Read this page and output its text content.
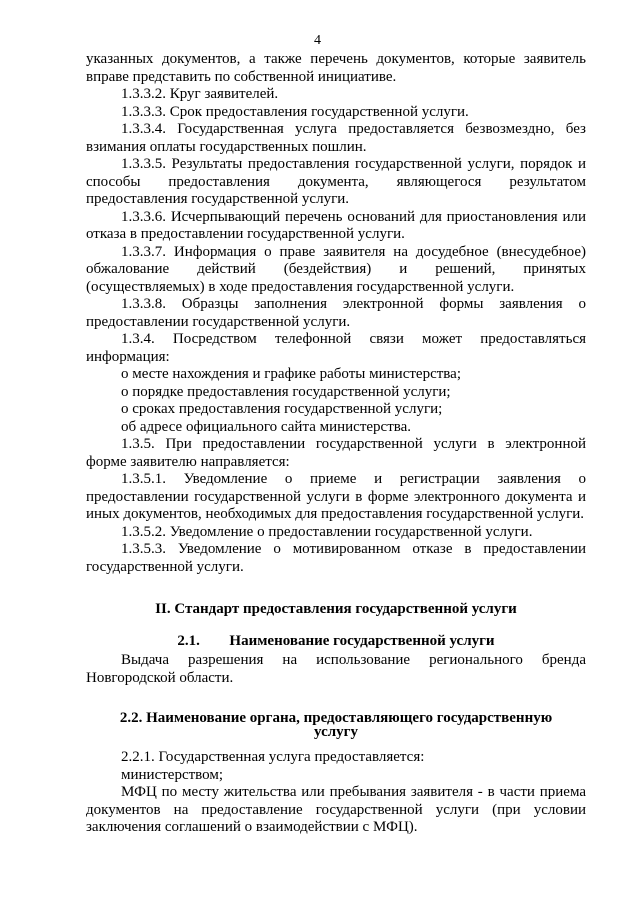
4
указанных документов, а также перечень документов, которые заявитель вправе представить по собственной инициативе.
1.3.3.2. Круг заявителей.
1.3.3.3. Срок предоставления государственной услуги.
1.3.3.4. Государственная услуга предоставляется безвозмездно, без взимания оплаты государственных пошлин.
1.3.3.5. Результаты предоставления государственной услуги, порядок и способы предоставления документа, являющегося результатом предоставления государственной услуги.
1.3.3.6. Исчерпывающий перечень оснований для приостановления или отказа в предоставлении государственной услуги.
1.3.3.7. Информация о праве заявителя на досудебное (внесудебное) обжалование действий (бездействия) и решений, принятых (осуществляемых) в ходе предоставления государственной услуги.
1.3.3.8. Образцы заполнения электронной формы заявления о предоставлении государственной услуги.
1.3.4. Посредством телефонной связи может предоставляться информация:
о месте нахождения и графике работы министерства;
о порядке предоставления государственной услуги;
о сроках предоставления государственной услуги;
об адресе официального сайта министерства.
1.3.5. При предоставлении государственной услуги в электронной форме заявителю направляется:
1.3.5.1. Уведомление о приеме и регистрации заявления о предоставлении государственной услуги в форме электронного документа и иных документов, необходимых для предоставления государственной услуги.
1.3.5.2. Уведомление о предоставлении государственной услуги.
1.3.5.3. Уведомление о мотивированном отказе в предоставлении государственной услуги.
II. Стандарт предоставления государственной услуги
2.1. Наименование государственной услуги
Выдача разрешения на использование регионального бренда Новгородской области.
2.2. Наименование органа, предоставляющего государственную
услугу
2.2.1. Государственная услуга предоставляется:
министерством;
МФЦ по месту жительства или пребывания заявителя - в части приема документов на предоставление государственной услуги (при условии заключения соглашений о взаимодействии с МФЦ).
